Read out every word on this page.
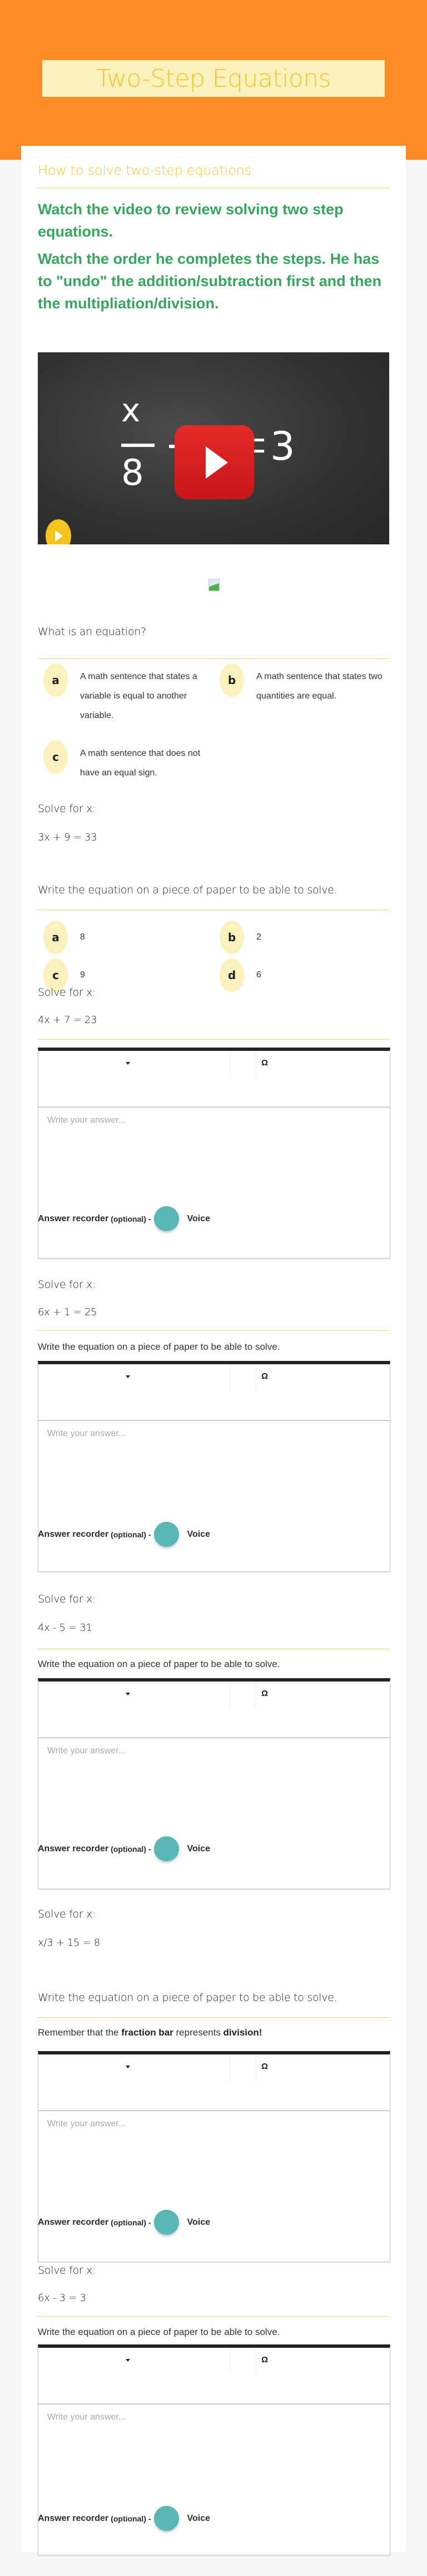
Two-Step Equations
How to solve two-step equations:
Watch the video to review solving two step equations.
Watch the order he completes the steps. He has to "undo" the addition/subtraction first and then the multipliation/division.
x
8
3
What is an equation?
a	A math sentence that states a variable is equal to another variable.
b	A math sentence that states two quantities are equal.
c	A math sentence that does not have an equal sign.
Solve for x:
3x + 9 = 33
Write the equation on a piece of paper to be able to solve.
a	8	b	2
c	9	d	6
Solve for x:
4x + 7 = 23
Ω
Write your answer...
Answer recorder (optional) -	Voice
Solve for x:
6x + 1 = 25
Write the equation on a piece of paper to be able to solve.
Ω
Write your answer...
Answer recorder (optional) -	Voice
Solve for x:
4x - 5 = 31
Write the equation on a piece of paper to be able to solve.
Ω
Write your answer...
Answer recorder (optional) -	Voice
Solve for x:
x/3 + 15 = 8
Write the equation on a piece of paper to be able to solve.
Remember that the fraction bar represents division!
Ω
Write your answer...
Answer recorder (optional) -	Voice
Solve for x:
6x - 3 = 3
Write the equation on a piece of paper to be able to solve.
Ω
Write your answer...
Answer recorder (optional) -	Voice
